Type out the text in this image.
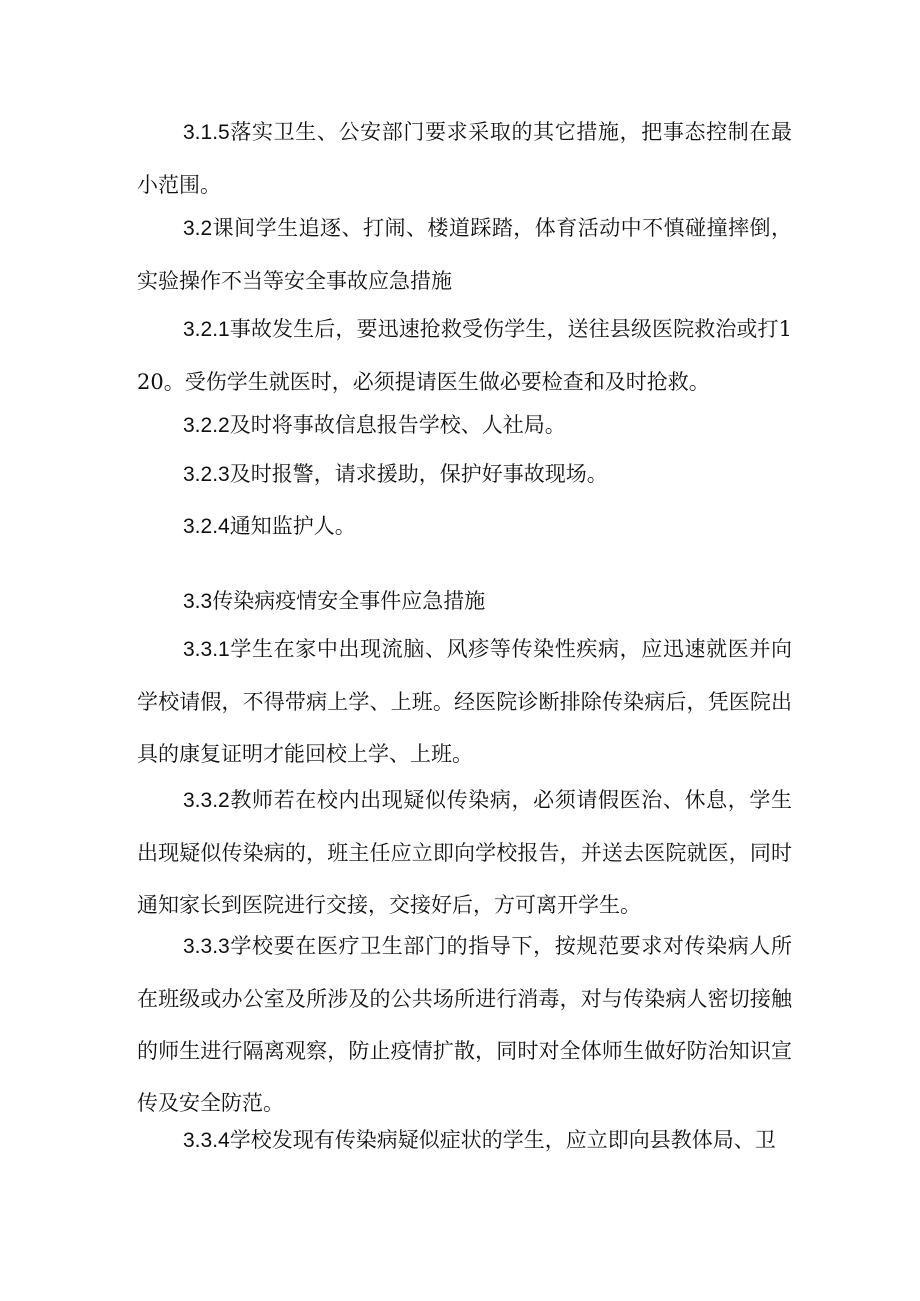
3.1.5落实卫生、公安部门要求采取的其它措施，把事态控制在最小范围。

3.2课间学生追逐、打闹、楼道踩踏，体育活动中不慎碰撞摔倒，实验操作不当等安全事故应急措施

3.2.1事故发生后，要迅速抢救受伤学生，送往县级医院救治或打120。受伤学生就医时，必须提请医生做必要检查和及时抢救。

3.2.2及时将事故信息报告学校、人社局。

3.2.3及时报警，请求援助，保护好事故现场。

3.2.4通知监护人。

3.3传染病疫情安全事件应急措施

3.3.1学生在家中出现流脑、风疹等传染性疾病，应迅速就医并向学校请假，不得带病上学、上班。经医院诊断排除传染病后，凭医院出具的康复证明才能回校上学、上班。

3.3.2教师若在校内出现疑似传染病，必须请假医治、休息，学生出现疑似传染病的，班主任应立即向学校报告，并送去医院就医，同时通知家长到医院进行交接，交接好后，方可离开学生。

3.3.3学校要在医疗卫生部门的指导下，按规范要求对传染病人所在班级或办公室及所涉及的公共场所进行消毒，对与传染病人密切接触的师生进行隔离观察，防止疫情扩散，同时对全体师生做好防治知识宣传及安全防范。

3.3.4学校发现有传染病疑似症状的学生，应立即向县教体局、卫
